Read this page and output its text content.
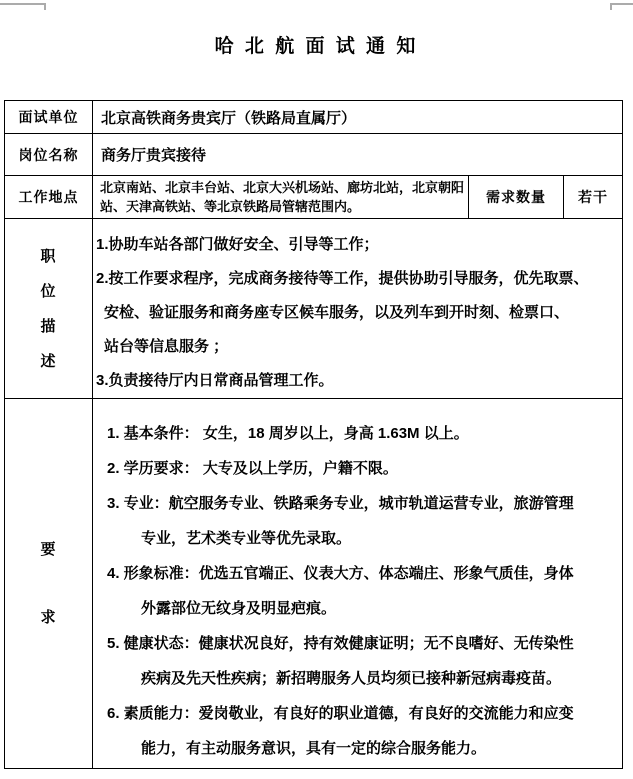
哈 北 航 面 试 通 知
面试单位	北京高铁商务贵宾厅（铁路局直属厅）		
岗位名称	商务厅贵宾接待		
工作地点	北京南站、北京丰台站、北京大兴机场站、廊坊北站，北京朝阳站、天津高铁站、等北京铁路局管辖范围内。	需求数量	若干

职位描述	1.协助车站各部门做好安全、引导等工作；
2.按工作要求程序，完成商务接待等工作，提供协助引导服务，优先取票、
安检、验证服务和商务座专区候车服务，以及列车到开时刻、检票口、
站台等信息服务 ；
3.负责接待厅内日常商品管理工作。		

要求

1. 基本条件： 女生，18 周岁以上，身高 1.63M 以上。
2. 学历要求： 大专及以上学历，户籍不限。
3. 专业：航空服务专业、铁路乘务专业，城市轨道运营专业，旅游管理
专业，艺术类专业等优先录取。
4. 形象标准：优选五官端正、仪表大方、体态端庄、形象气质佳，身体
外露部位无纹身及明显疤痕。
5. 健康状态：健康状况良好，持有效健康证明；无不良嗜好、无传染性
疾病及先天性疾病；新招聘服务人员均须已接种新冠病毒疫苗。
6. 素质能力：爱岗敬业，有良好的职业道德，有良好的交流能力和应变
能力，有主动服务意识，具有一定的综合服务能力。
